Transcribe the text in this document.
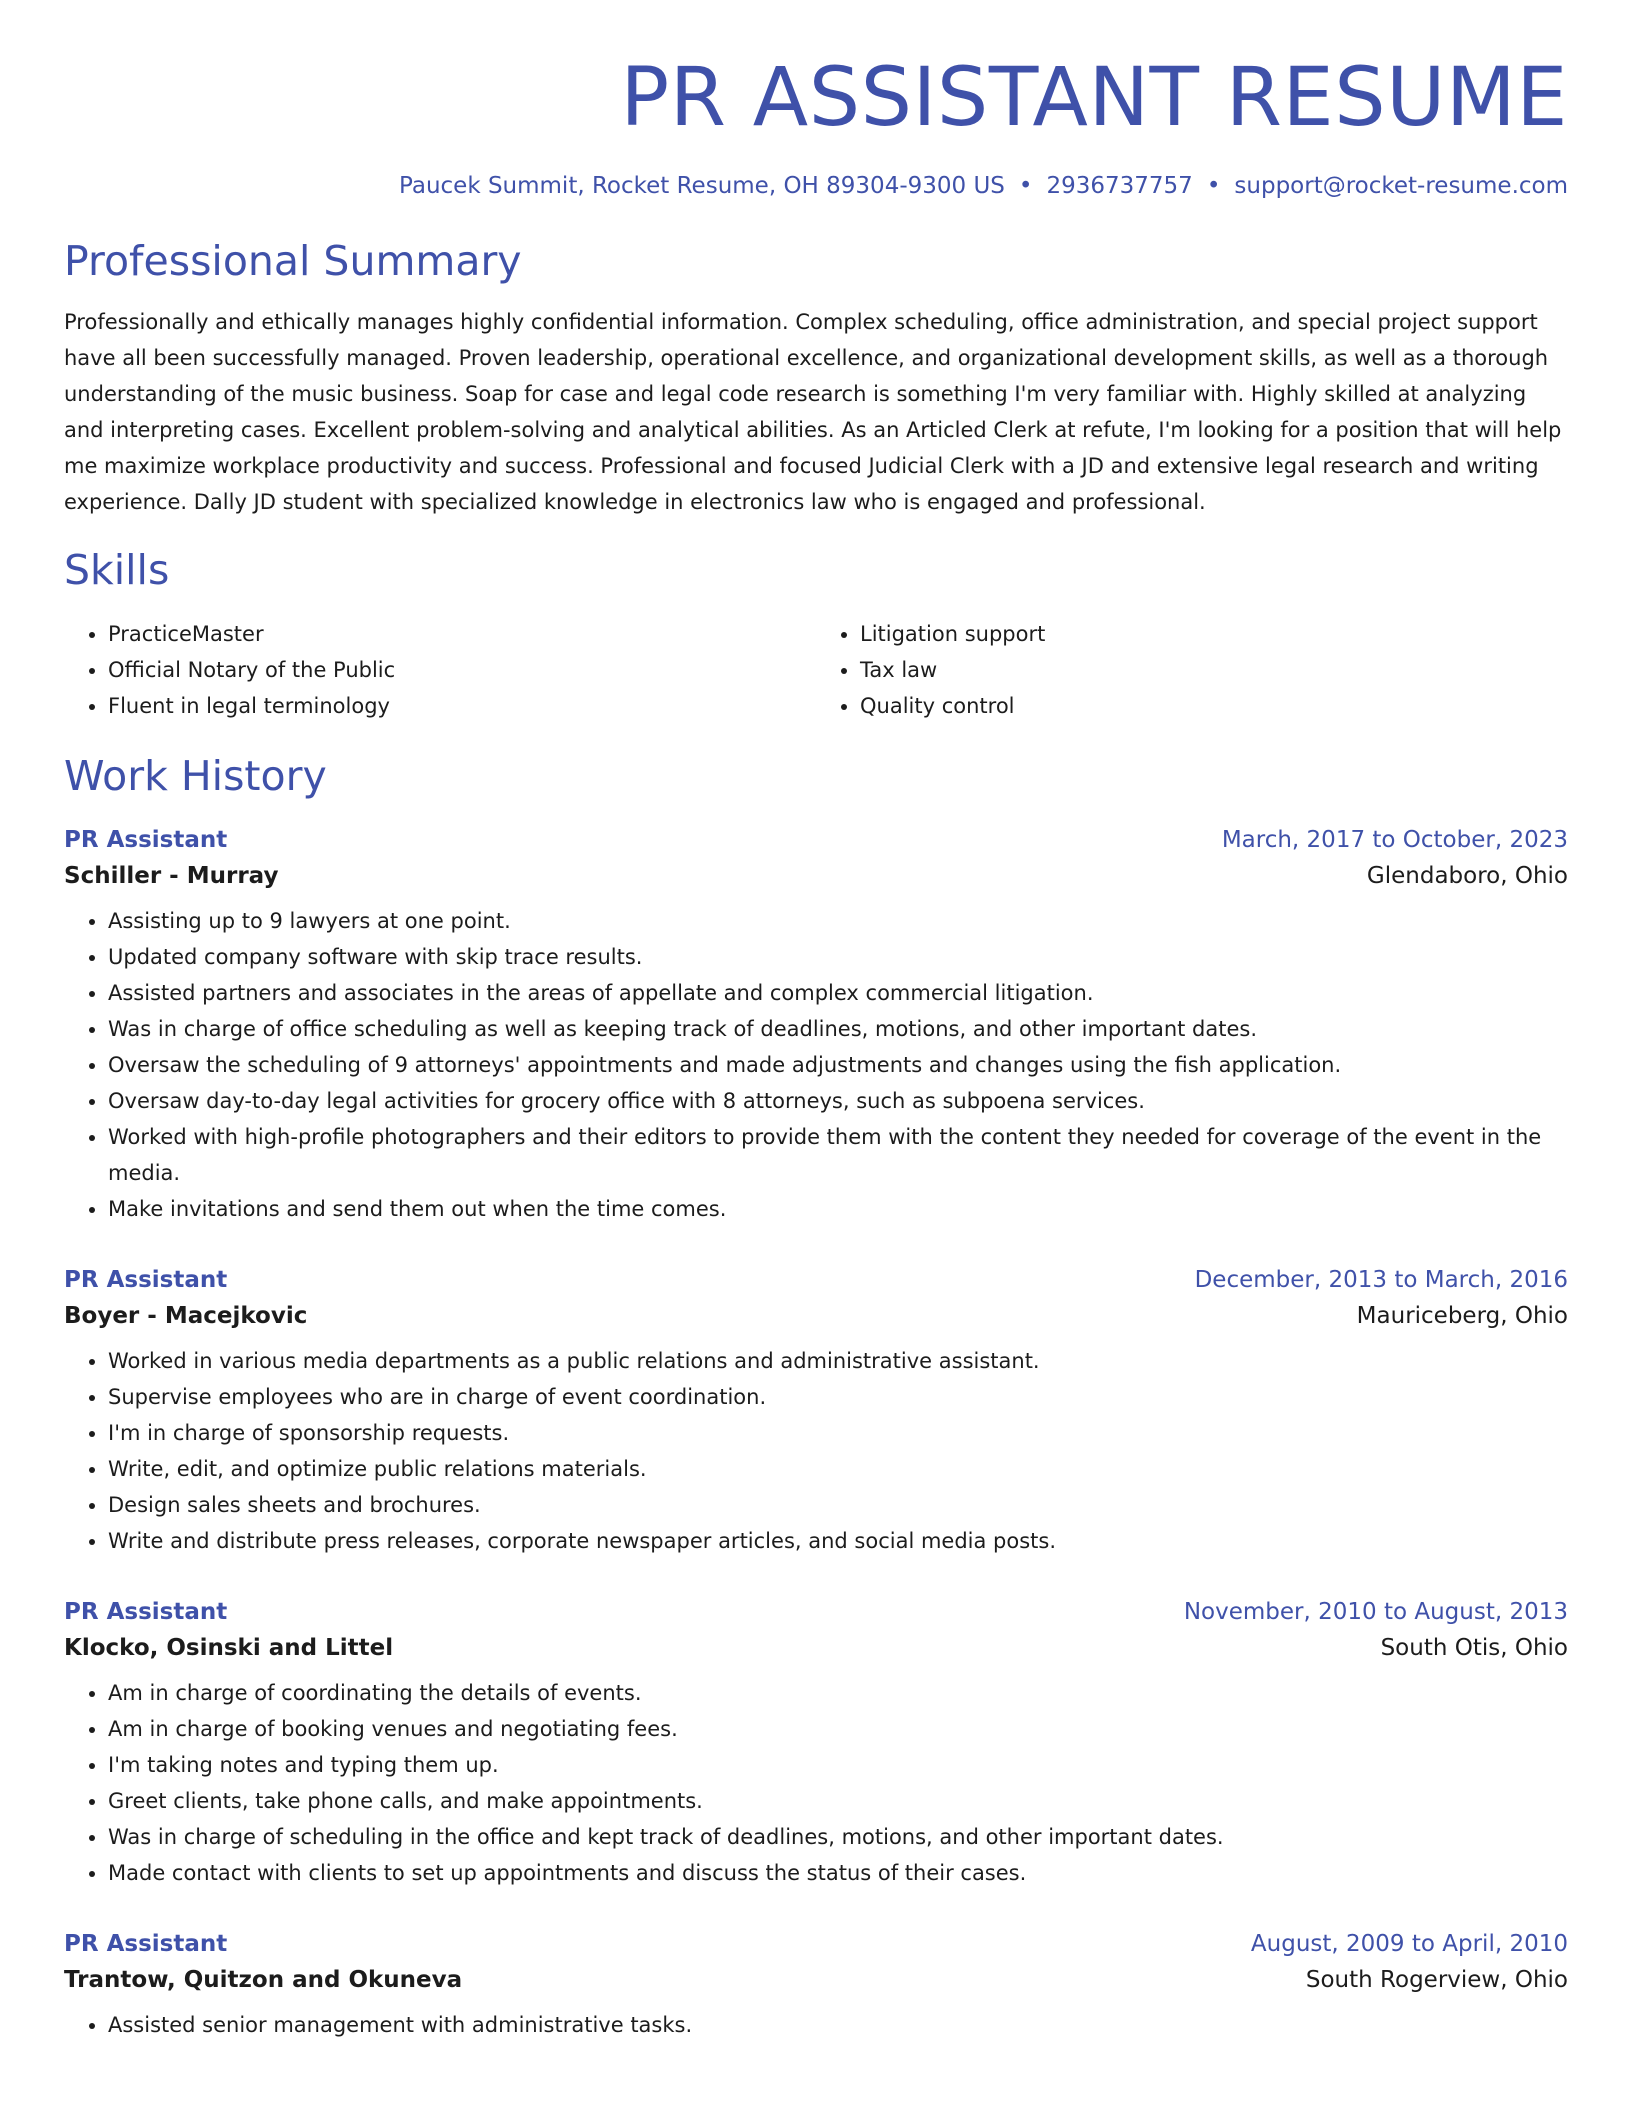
PR ASSISTANT RESUME
Paucek Summit, Rocket Resume, OH 89304-9300 US • 2936737757 • support@rocket-resume.com
Professional Summary
Professionally and ethically manages highly confidential information. Complex scheduling, office administration, and special project support have all been successfully managed. Proven leadership, operational excellence, and organizational development skills, as well as a thorough understanding of the music business. Soap for case and legal code research is something I'm very familiar with. Highly skilled at analyzing and interpreting cases. Excellent problem-solving and analytical abilities. As an Articled Clerk at refute, I'm looking for a position that will help me maximize workplace productivity and success. Professional and focused Judicial Clerk with a JD and extensive legal research and writing experience. Dally JD student with specialized knowledge in electronics law who is engaged and professional.
Skills
• PracticeMaster
• Official Notary of the Public
• Fluent in legal terminology
• Litigation support
• Tax law
• Quality control
Work History
PR Assistant	March, 2017 to October, 2023
Schiller - Murray	Glendaboro, Ohio
• Assisting up to 9 lawyers at one point.
• Updated company software with skip trace results.
• Assisted partners and associates in the areas of appellate and complex commercial litigation.
• Was in charge of office scheduling as well as keeping track of deadlines, motions, and other important dates.
• Oversaw the scheduling of 9 attorneys' appointments and made adjustments and changes using the fish application.
• Oversaw day-to-day legal activities for grocery office with 8 attorneys, such as subpoena services.
• Worked with high-profile photographers and their editors to provide them with the content they needed for coverage of the event in the media.
• Make invitations and send them out when the time comes.
PR Assistant	December, 2013 to March, 2016
Boyer - Macejkovic	Mauriceberg, Ohio
• Worked in various media departments as a public relations and administrative assistant.
• Supervise employees who are in charge of event coordination.
• I'm in charge of sponsorship requests.
• Write, edit, and optimize public relations materials.
• Design sales sheets and brochures.
• Write and distribute press releases, corporate newspaper articles, and social media posts.
PR Assistant	November, 2010 to August, 2013
Klocko, Osinski and Littel	South Otis, Ohio
• Am in charge of coordinating the details of events.
• Am in charge of booking venues and negotiating fees.
• I'm taking notes and typing them up.
• Greet clients, take phone calls, and make appointments.
• Was in charge of scheduling in the office and kept track of deadlines, motions, and other important dates.
• Made contact with clients to set up appointments and discuss the status of their cases.
PR Assistant	August, 2009 to April, 2010
Trantow, Quitzon and Okuneva	South Rogerview, Ohio
• Assisted senior management with administrative tasks.
